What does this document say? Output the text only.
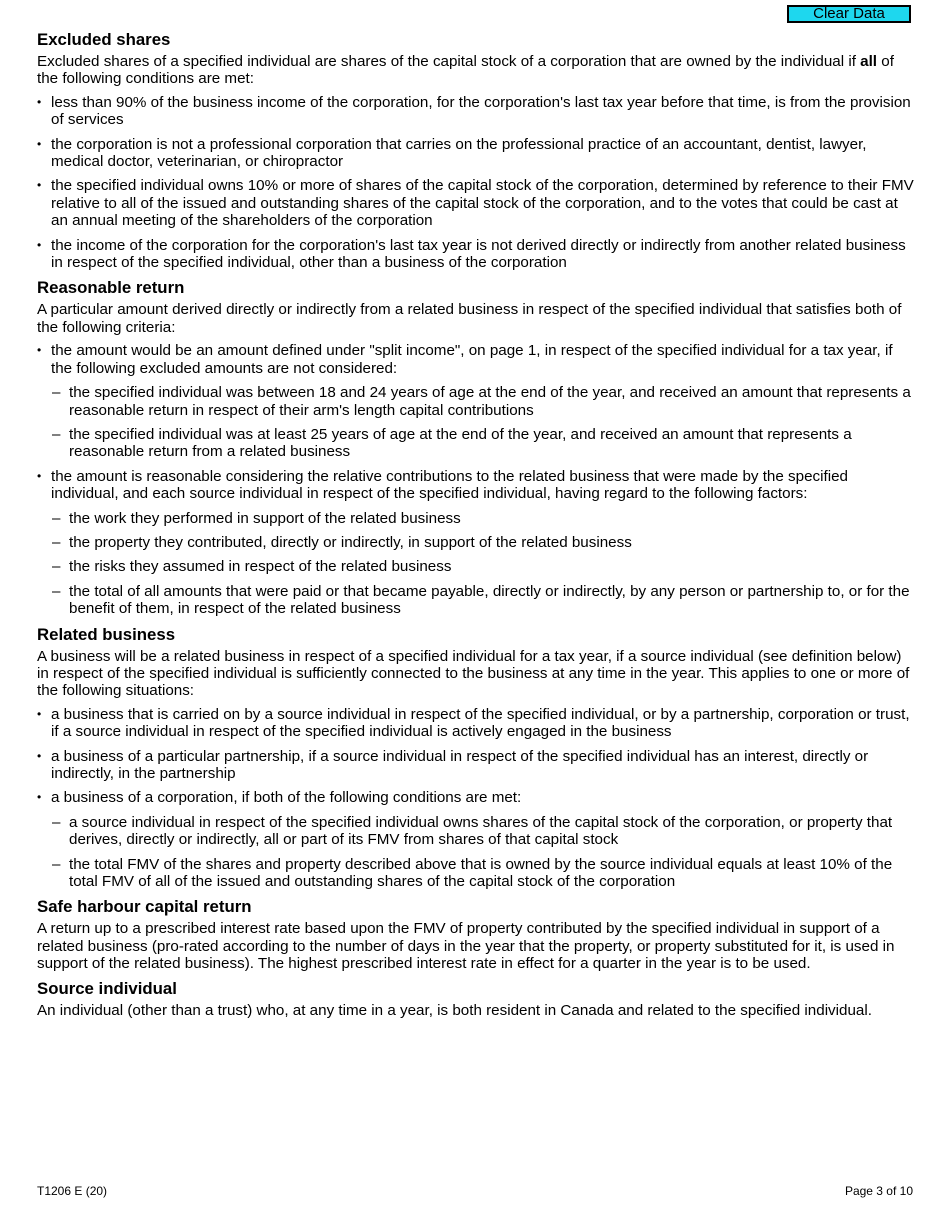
Clear Data
Excluded shares

Excluded shares of a specified individual are shares of the capital stock of a corporation that are owned by the individual if all of the following conditions are met:

• less than 90% of the business income of the corporation, for the corporation's last tax year before that time, is from the provision of services
• the corporation is not a professional corporation that carries on the professional practice of an accountant, dentist, lawyer, medical doctor, veterinarian, or chiropractor
• the specified individual owns 10% or more of shares of the capital stock of the corporation, determined by reference to their FMV relative to all of the issued and outstanding shares of the capital stock of the corporation, and to the votes that could be cast at an annual meeting of the shareholders of the corporation
• the income of the corporation for the corporation's last tax year is not derived directly or indirectly from another related business in respect of the specified individual, other than a business of the corporation
Reasonable return

A particular amount derived directly or indirectly from a related business in respect of the specified individual that satisfies both of the following criteria:

• the amount would be an amount defined under "split income", on page 1, in respect of the specified individual for a tax year, if the following excluded amounts are not considered:
– the specified individual was between 18 and 24 years of age at the end of the year, and received an amount that represents a reasonable return in respect of their arm's length capital contributions
– the specified individual was at least 25 years of age at the end of the year, and received an amount that represents a reasonable return from a related business
• the amount is reasonable considering the relative contributions to the related business that were made by the specified individual, and each source individual in respect of the specified individual, having regard to the following factors:
– the work they performed in support of the related business
– the property they contributed, directly or indirectly, in support of the related business
– the risks they assumed in respect of the related business
– the total of all amounts that were paid or that became payable, directly or indirectly, by any person or partnership to, or for the benefit of them, in respect of the related business
Related business

A business will be a related business in respect of a specified individual for a tax year, if a source individual (see definition below) in respect of the specified individual is sufficiently connected to the business at any time in the year. This applies to one or more of the following situations:

• a business that is carried on by a source individual in respect of the specified individual, or by a partnership, corporation or trust, if a source individual in respect of the specified individual is actively engaged in the business
• a business of a particular partnership, if a source individual in respect of the specified individual has an interest, directly or indirectly, in the partnership
• a business of a corporation, if both of the following conditions are met:
– a source individual in respect of the specified individual owns shares of the capital stock of the corporation, or property that derives, directly or indirectly, all or part of its FMV from shares of that capital stock
– the total FMV of the shares and property described above that is owned by the source individual equals at least 10% of the total FMV of all of the issued and outstanding shares of the capital stock of the corporation
Safe harbour capital return

A return up to a prescribed interest rate based upon the FMV of property contributed by the specified individual in support of a related business (pro-rated according to the number of days in the year that the property, or property substituted for it, is used in support of the related business). The highest prescribed interest rate in effect for a quarter in the year is to be used.

Source individual

An individual (other than a trust) who, at any time in a year, is both resident in Canada and related to the specified individual.

T1206 E (20)	Page 3 of 10
